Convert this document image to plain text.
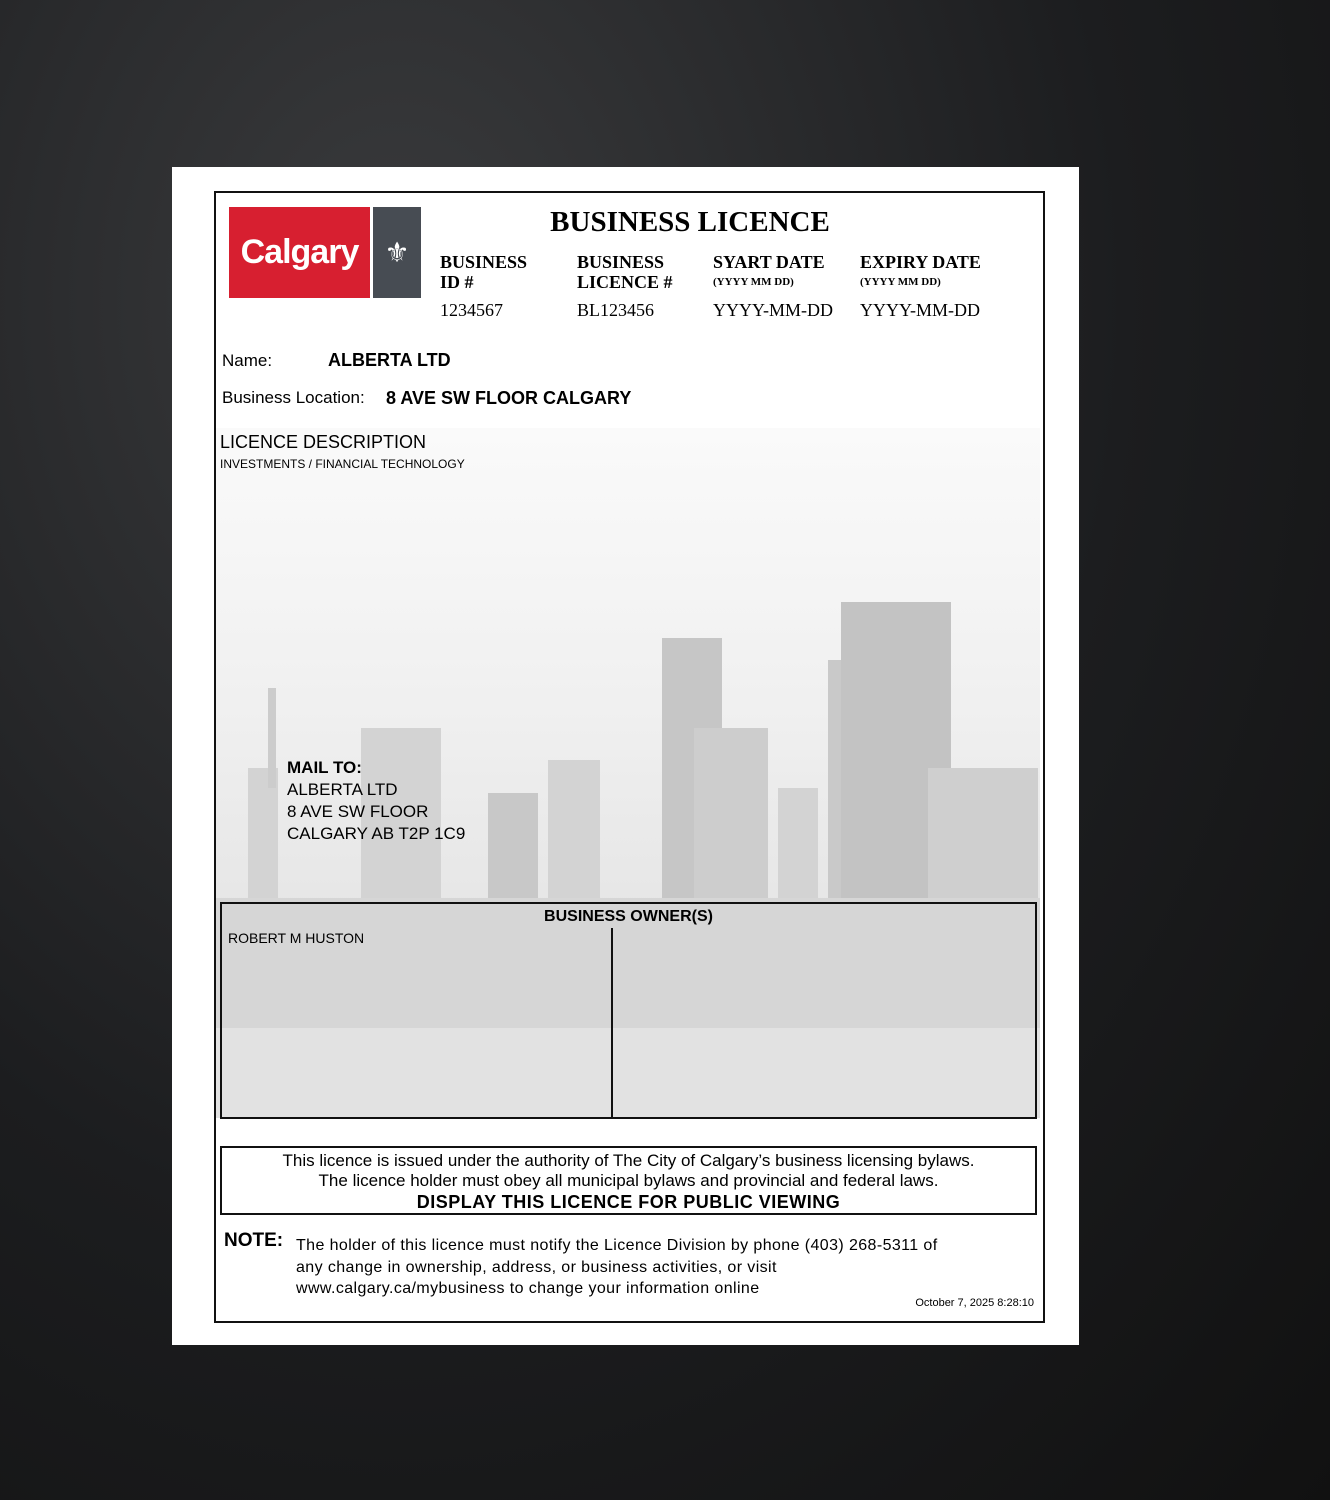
Calgary ⚜
BUSINESS LICENCE
BUSINESS
ID #
1234567
BUSINESS
LICENCE #
BL123456
SYART DATE
(YYYY MM DD)
YYYY-MM-DD
EXPIRY DATE
(YYYY MM DD)
YYYY-MM-DD
Name:	ALBERTA LTD
Business Location: 8 AVE SW FLOOR CALGARY
LICENCE DESCRIPTION
INVESTMENTS / FINANCIAL TECHNOLOGY
MAIL TO:
ALBERTA LTD
8 AVE SW FLOOR
CALGARY AB T2P 1C9
BUSINESS OWNER(S)
ROBERT M HUSTON
This licence is issued under the authority of The City of Calgary’s business licensing bylaws.
The licence holder must obey all municipal bylaws and provincial and federal laws.
DISPLAY THIS LICENCE FOR PUBLIC VIEWING
NOTE: The holder of this licence must notify the Licence Division by phone (403) 268-5311 of
any change in ownership, address, or business activities, or visit
www.calgary.ca/mybusiness to change your information online
October 7, 2025 8:28:10
